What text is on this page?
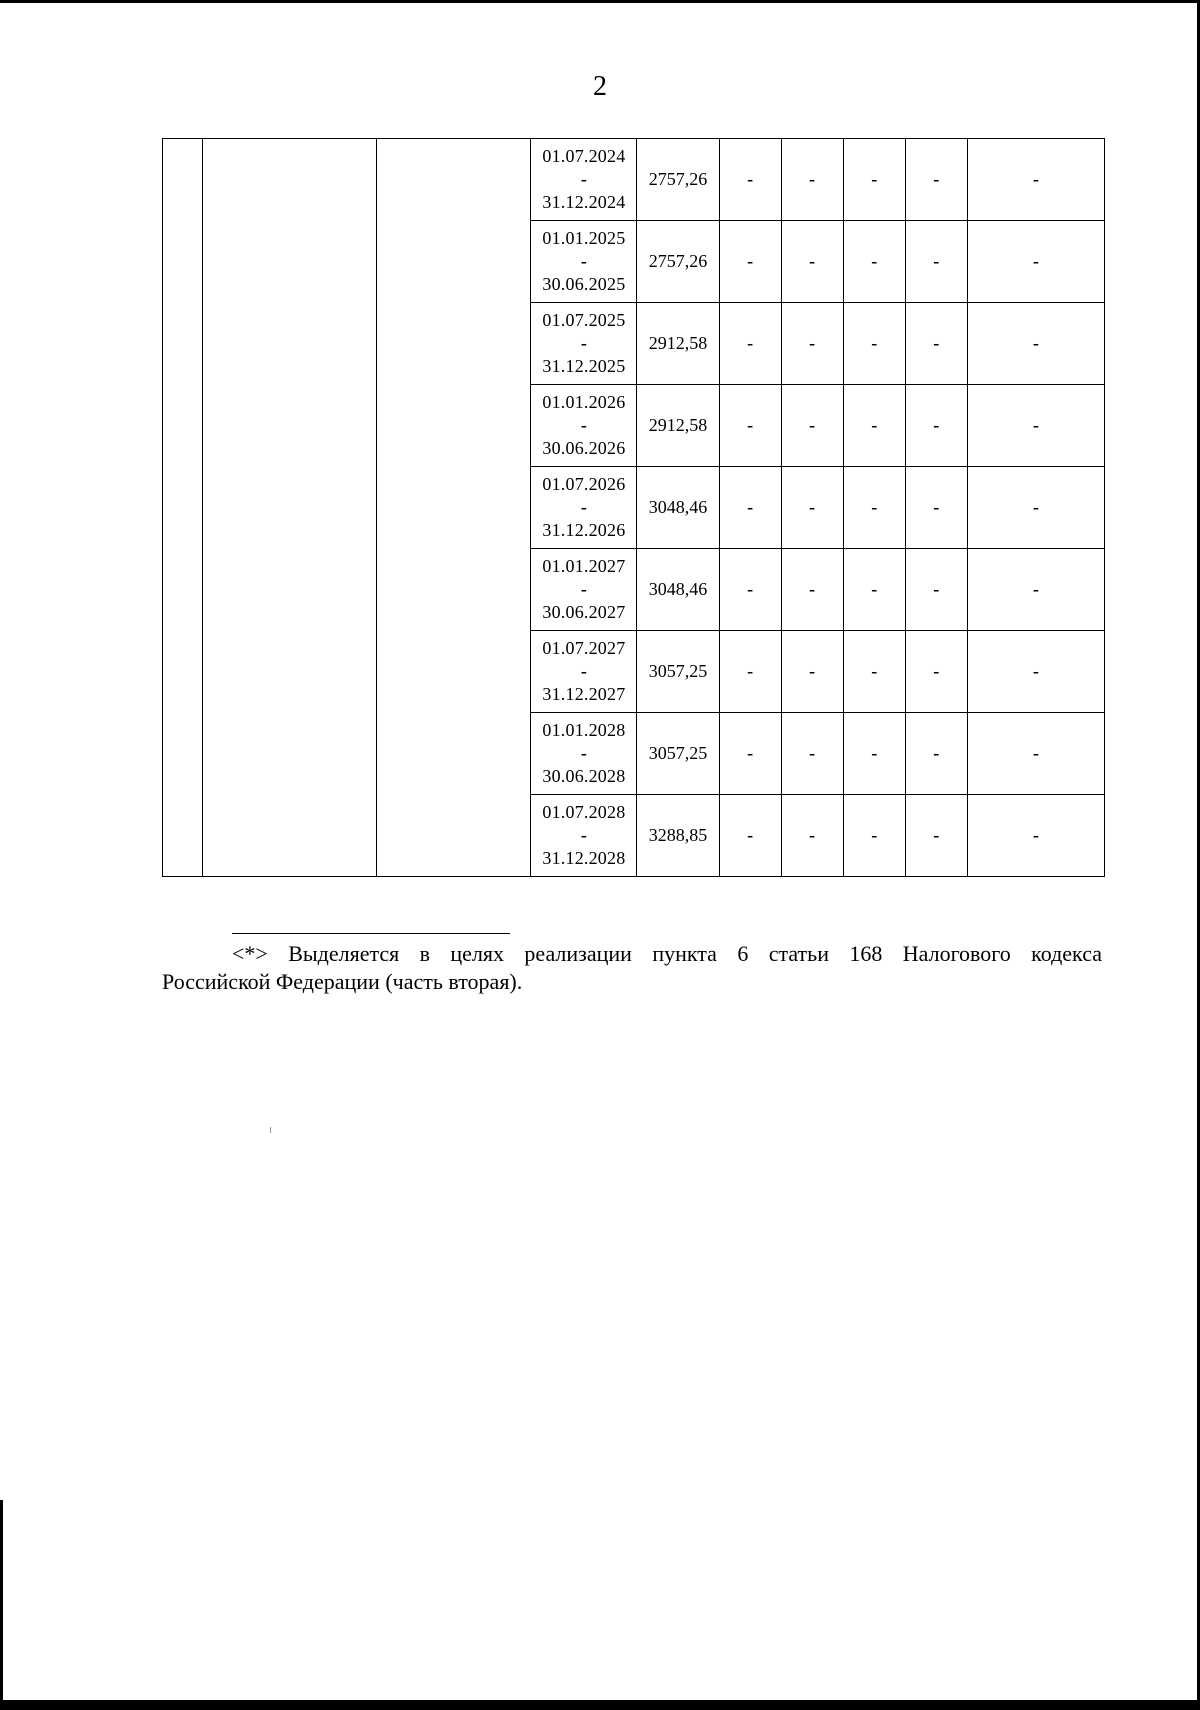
2

			01.07.2024
-
31.12.2024	2757,26	-	-	-	-	-

			01.01.2025
-
30.06.2025	2757,26	-	-	-	-	-

			01.07.2025
-
31.12.2025	2912,58	-	-	-	-	-

			01.01.2026
-
30.06.2026	2912,58	-	-	-	-	-

			01.07.2026
-
31.12.2026	3048,46	-	-	-	-	-

			01.01.2027
-
30.06.2027	3048,46	-	-	-	-	-

			01.07.2027
-
31.12.2027	3057,25	-	-	-	-	-

			01.01.2028
-
30.06.2028	3057,25	-	-	-	-	-

			01.07.2028
-
31.12.2028	3288,85	-	-	-	-	-
<*> Выделяется в целях реализации пункта 6 статьи 168 Налогового кодекса
Российской Федерации (часть вторая).
